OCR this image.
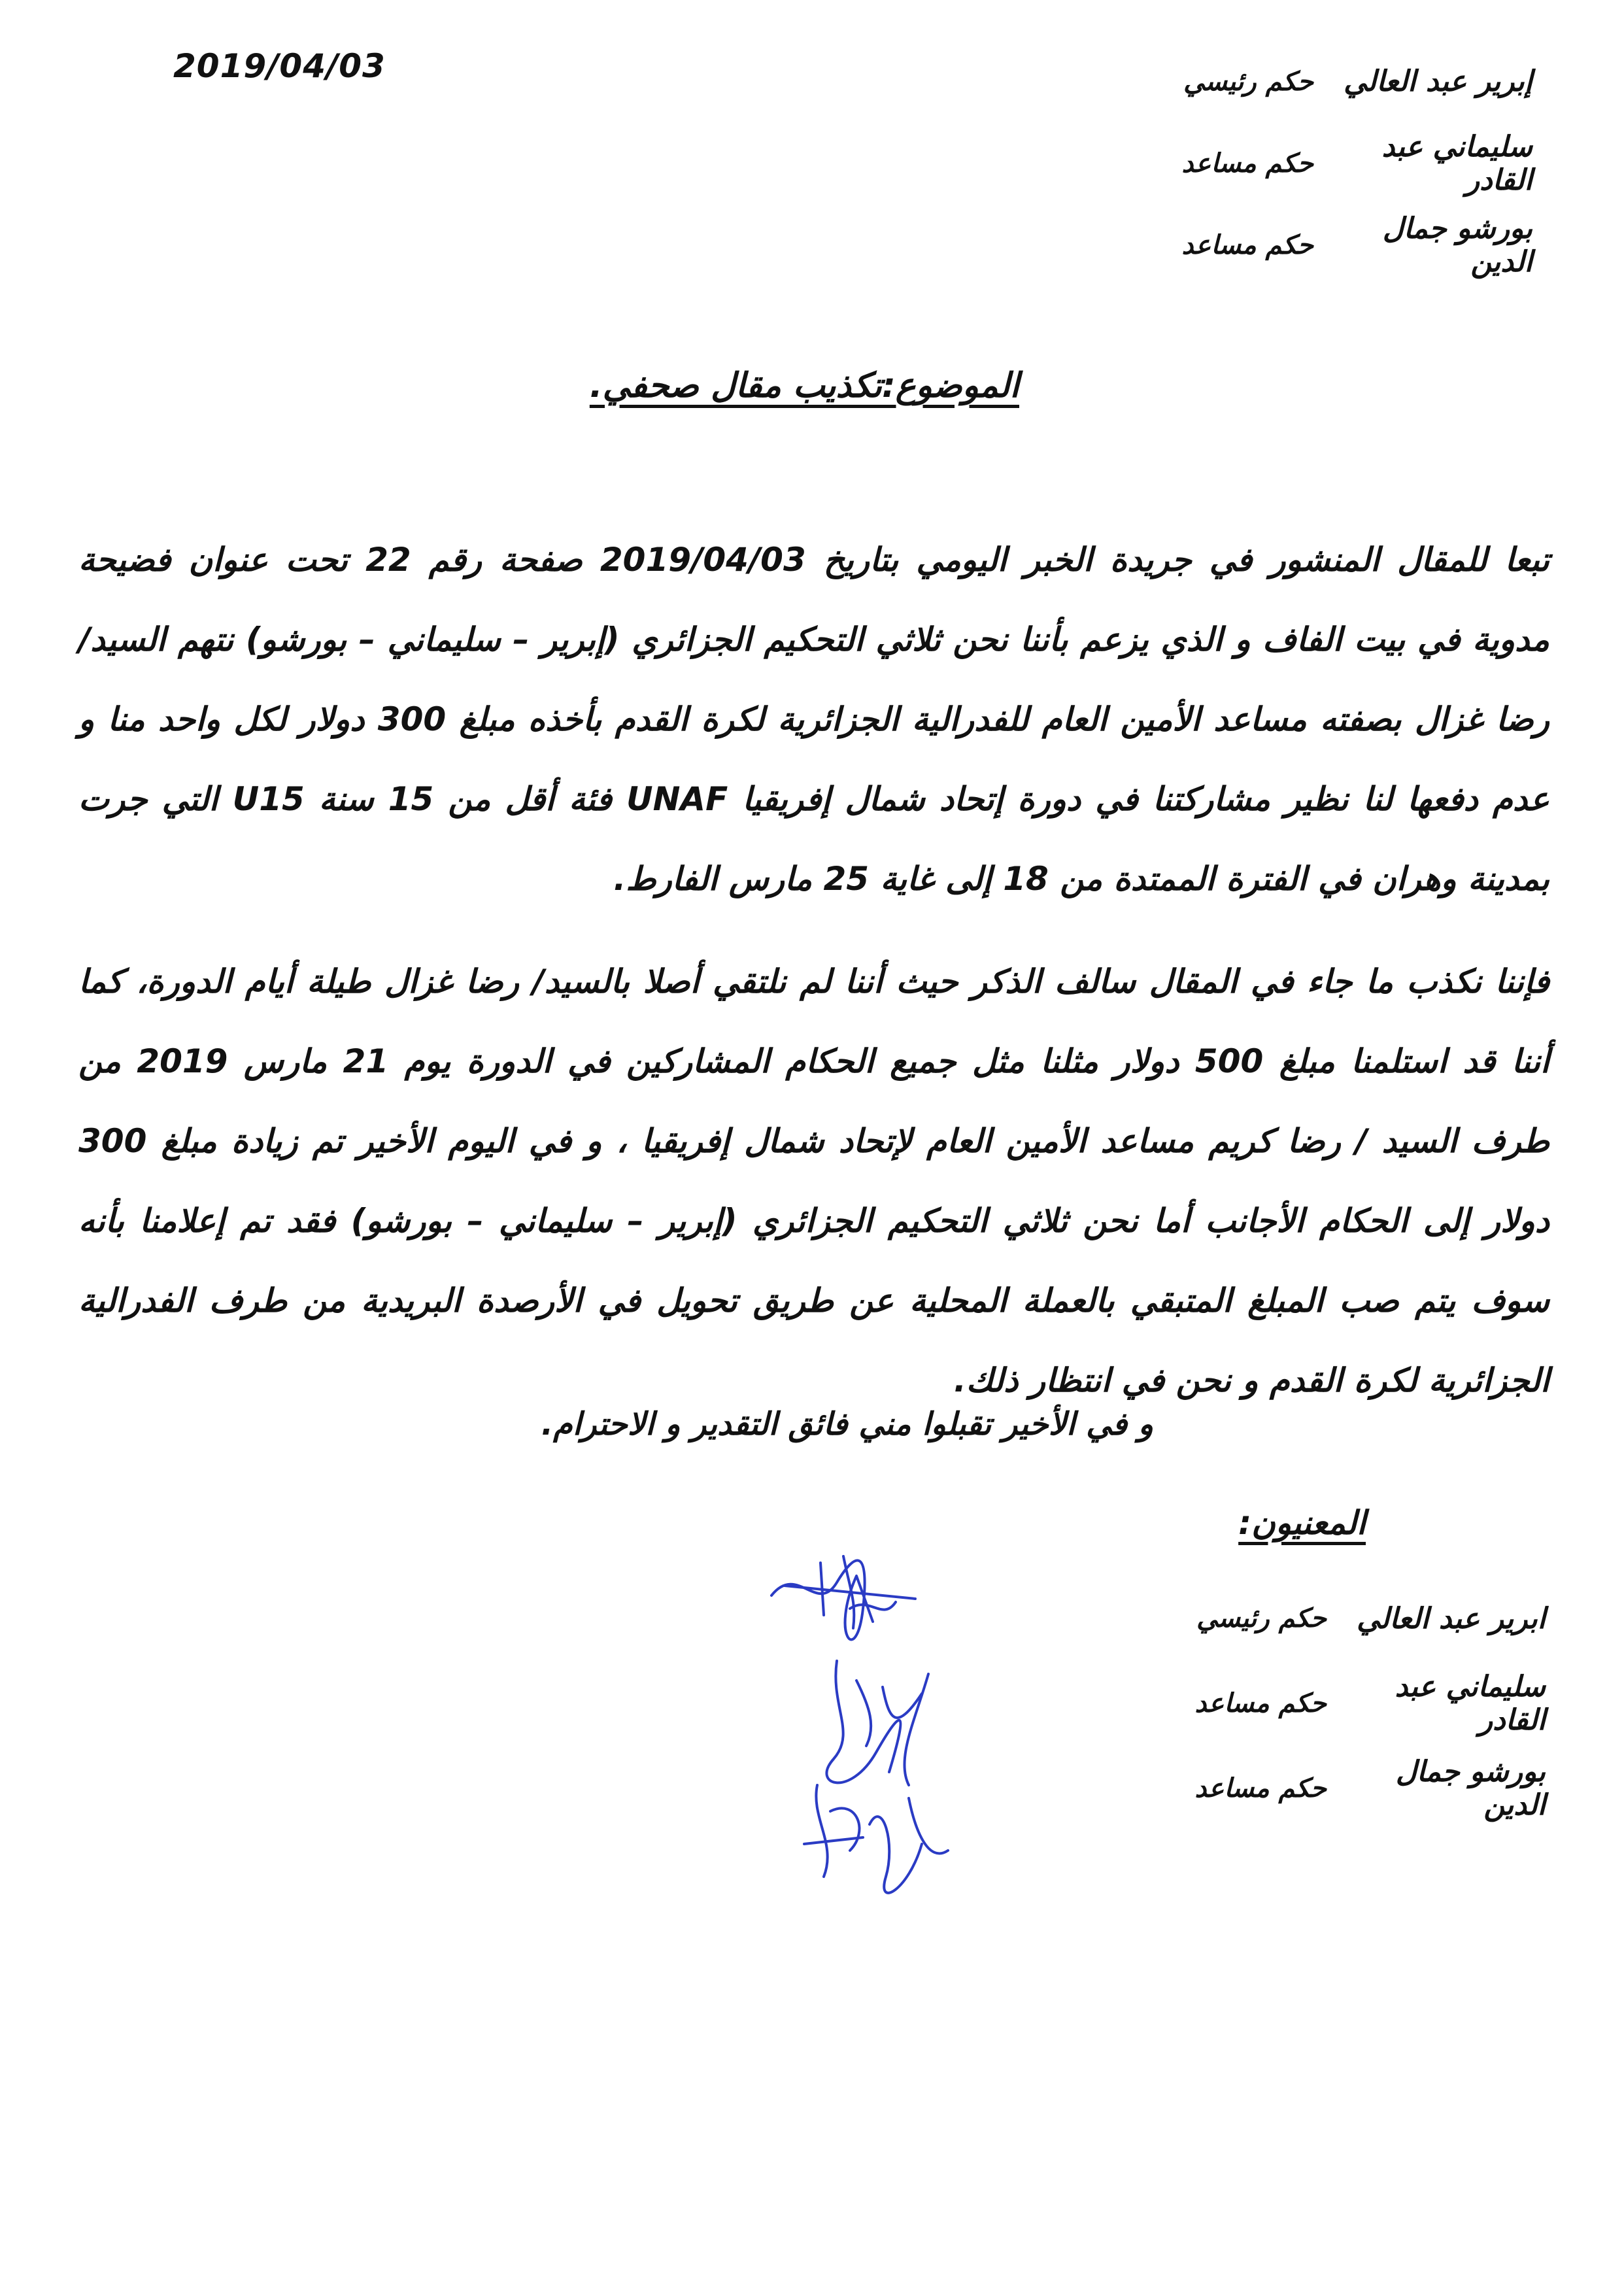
2019/04/03	إبرير عبد العالي
حكم رئيسي
سليماني عبد القادر
حكم مساعد
بورشو جمال الدين
حكم مساعد
الموضوع:تكذيب مقال صحفي.

تبعا للمقال المنشور في جريدة الخبر اليومي بتاريخ 2019/04/03 صفحة رقم 22 تحت عنوان فضيحة مدوية في بيت الفاف و الذي يزعم بأننا نحن ثلاثي التحكيم الجزائري (إبرير – سليماني – بورشو) نتهم السيد/ رضا غزال بصفته مساعد الأمين العام للفدرالية الجزائرية لكرة القدم بأخذه مبلغ 300 دولار لكل واحد منا و عدم دفعها لنا نظير مشاركتنا في دورة إتحاد شمال إفريقيا UNAF فئة أقل من 15 سنة U15 التي جرت بمدينة وهران في الفترة الممتدة من 18 إلى غاية 25 مارس الفارط.

فإننا نكذب ما جاء في المقال سالف الذكر حيث أننا لم نلتقي أصلا بالسيد/ رضا غزال طيلة أيام الدورة، كما أننا قد استلمنا مبلغ 500 دولار مثلنا مثل جميع الحكام المشاركين في الدورة يوم 21 مارس 2019 من طرف السيد / رضا كريم مساعد الأمين العام لإتحاد شمال إفريقيا ، و في اليوم الأخير تم زيادة مبلغ 300 دولار إلى الحكام الأجانب أما نحن ثلاثي التحكيم الجزائري (إبرير – سليماني – بورشو) فقد تم إعلامنا بأنه سوف يتم صب المبلغ المتبقي بالعملة المحلية عن طريق تحويل في الأرصدة البريدية من طرف الفدرالية الجزائرية لكرة القدم و نحن في انتظار ذلك.

و في الأخير تقبلوا مني فائق التقدير و الاحترام.
المعنيون:
ابرير عبد العالي
حكم رئيسي
سليماني عبد القادر
حكم مساعد
بورشو جمال الدين
حكم مساعد
